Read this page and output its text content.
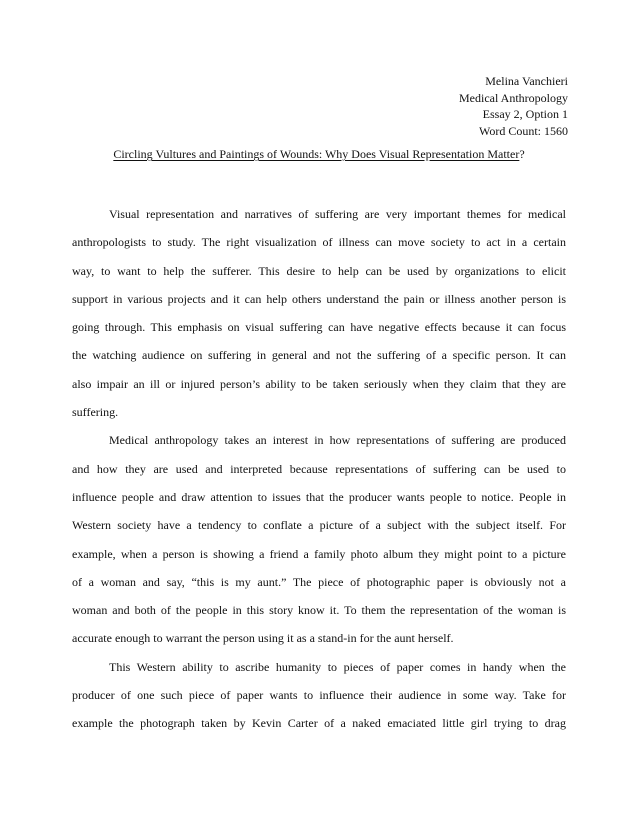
Melina Vanchieri
Medical Anthropology
Essay 2, Option 1
Word Count: 1560
Circling Vultures and Paintings of Wounds: Why Does Visual Representation Matter?
Visual representation and narratives of suffering are very important themes for medical
anthropologists to study. The right visualization of illness can move society to act in a certain
way, to want to help the sufferer. This desire to help can be used by organizations to elicit
support in various projects and it can help others understand the pain or illness another person is
going through. This emphasis on visual suffering can have negative effects because it can focus
the watching audience on suffering in general and not the suffering of a specific person. It can
also impair an ill or injured person’s ability to be taken seriously when they claim that they are
suffering.
Medical anthropology takes an interest in how representations of suffering are produced
and how they are used and interpreted because representations of suffering can be used to
influence people and draw attention to issues that the producer wants people to notice. People in
Western society have a tendency to conflate a picture of a subject with the subject itself. For
example, when a person is showing a friend a family photo album they might point to a picture
of a woman and say, “this is my aunt.” The piece of photographic paper is obviously not a
woman and both of the people in this story know it. To them the representation of the woman is
accurate enough to warrant the person using it as a stand-in for the aunt herself.
This Western ability to ascribe humanity to pieces of paper comes in handy when the
producer of one such piece of paper wants to influence their audience in some way. Take for
example the photograph taken by Kevin Carter of a naked emaciated little girl trying to drag
